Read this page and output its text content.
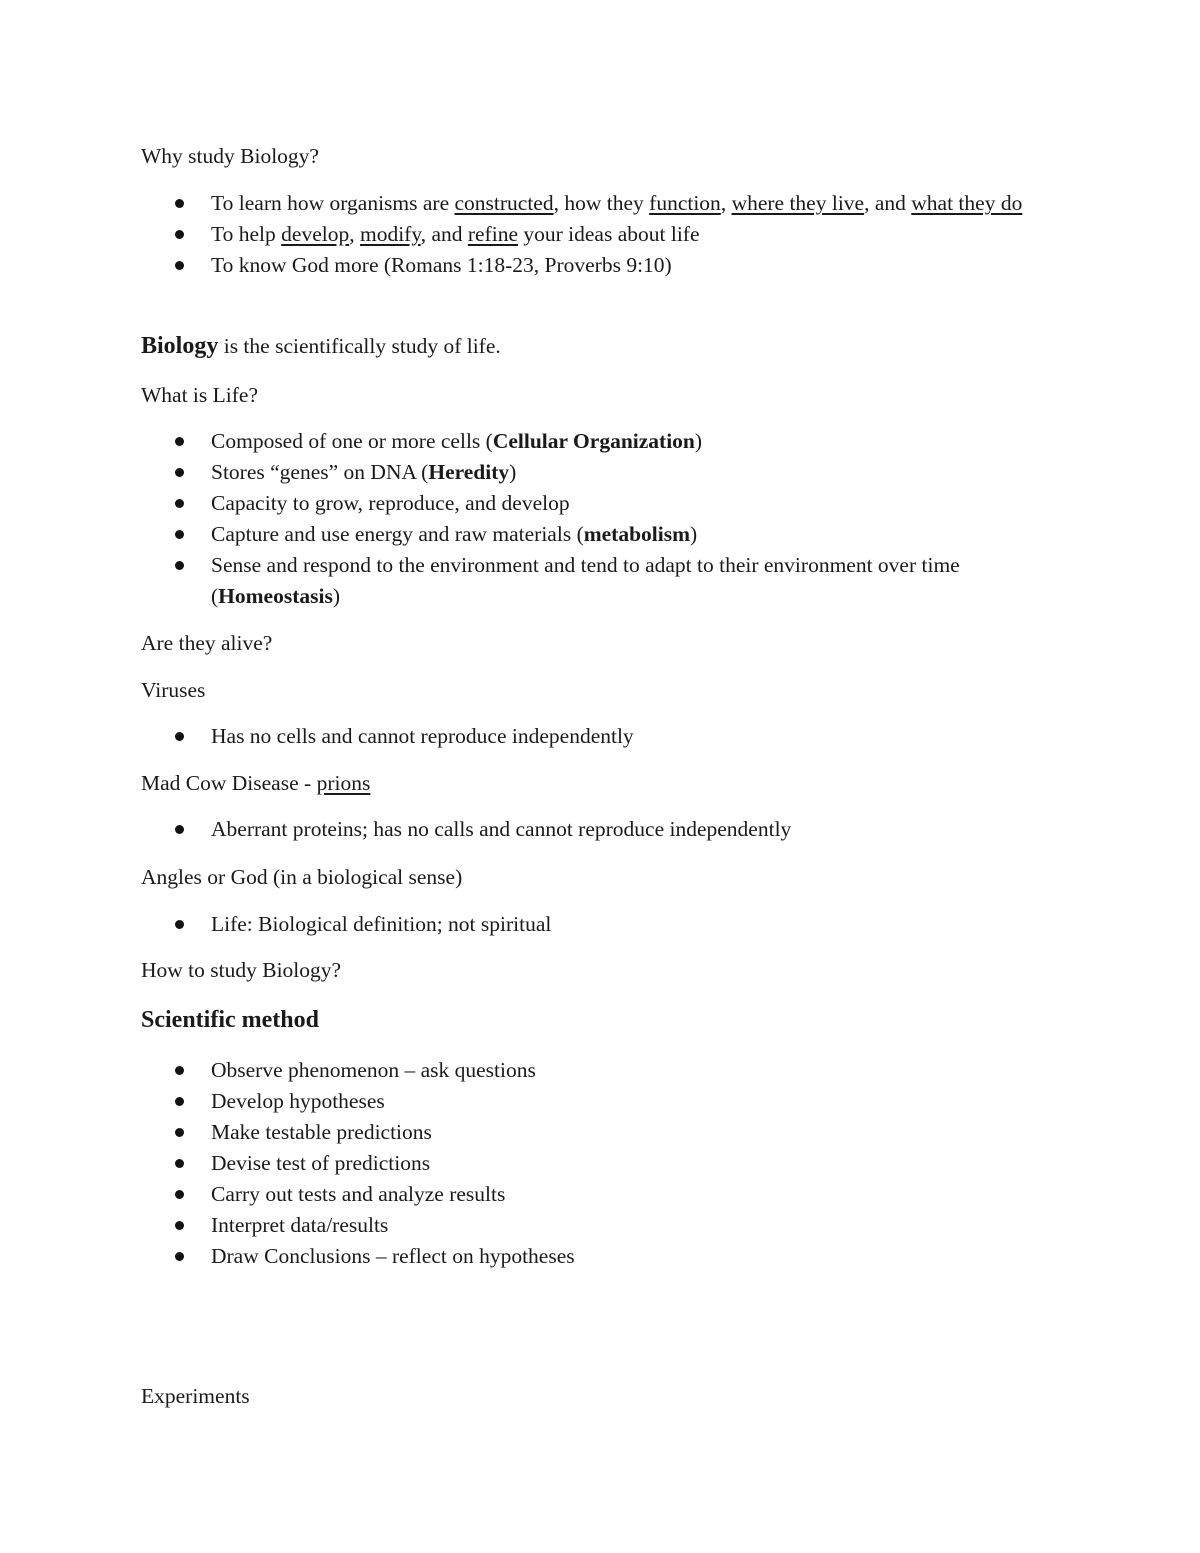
Why study Biology?

To learn how organisms are constructed, how they function, where they live, and what they do
To help develop, modify, and refine your ideas about life
To know God more (Romans 1:18-23, Proverbs 9:10)

Biology is the scientifically study of life.

What is Life?

Composed of one or more cells (Cellular Organization)
Stores “genes” on DNA (Heredity)
Capacity to grow, reproduce, and develop
Capture and use energy and raw materials (metabolism)
Sense and respond to the environment and tend to adapt to their environment over time (Homeostasis)

Are they alive?

Viruses

Has no cells and cannot reproduce independently

Mad Cow Disease - prions

Aberrant proteins; has no calls and cannot reproduce independently

Angles or God (in a biological sense)

Life: Biological definition; not spiritual

How to study Biology?

Scientific method

Observe phenomenon – ask questions
Develop hypotheses
Make testable predictions
Devise test of predictions
Carry out tests and analyze results
Interpret data/results
Draw Conclusions – reflect on hypotheses

Experiments
